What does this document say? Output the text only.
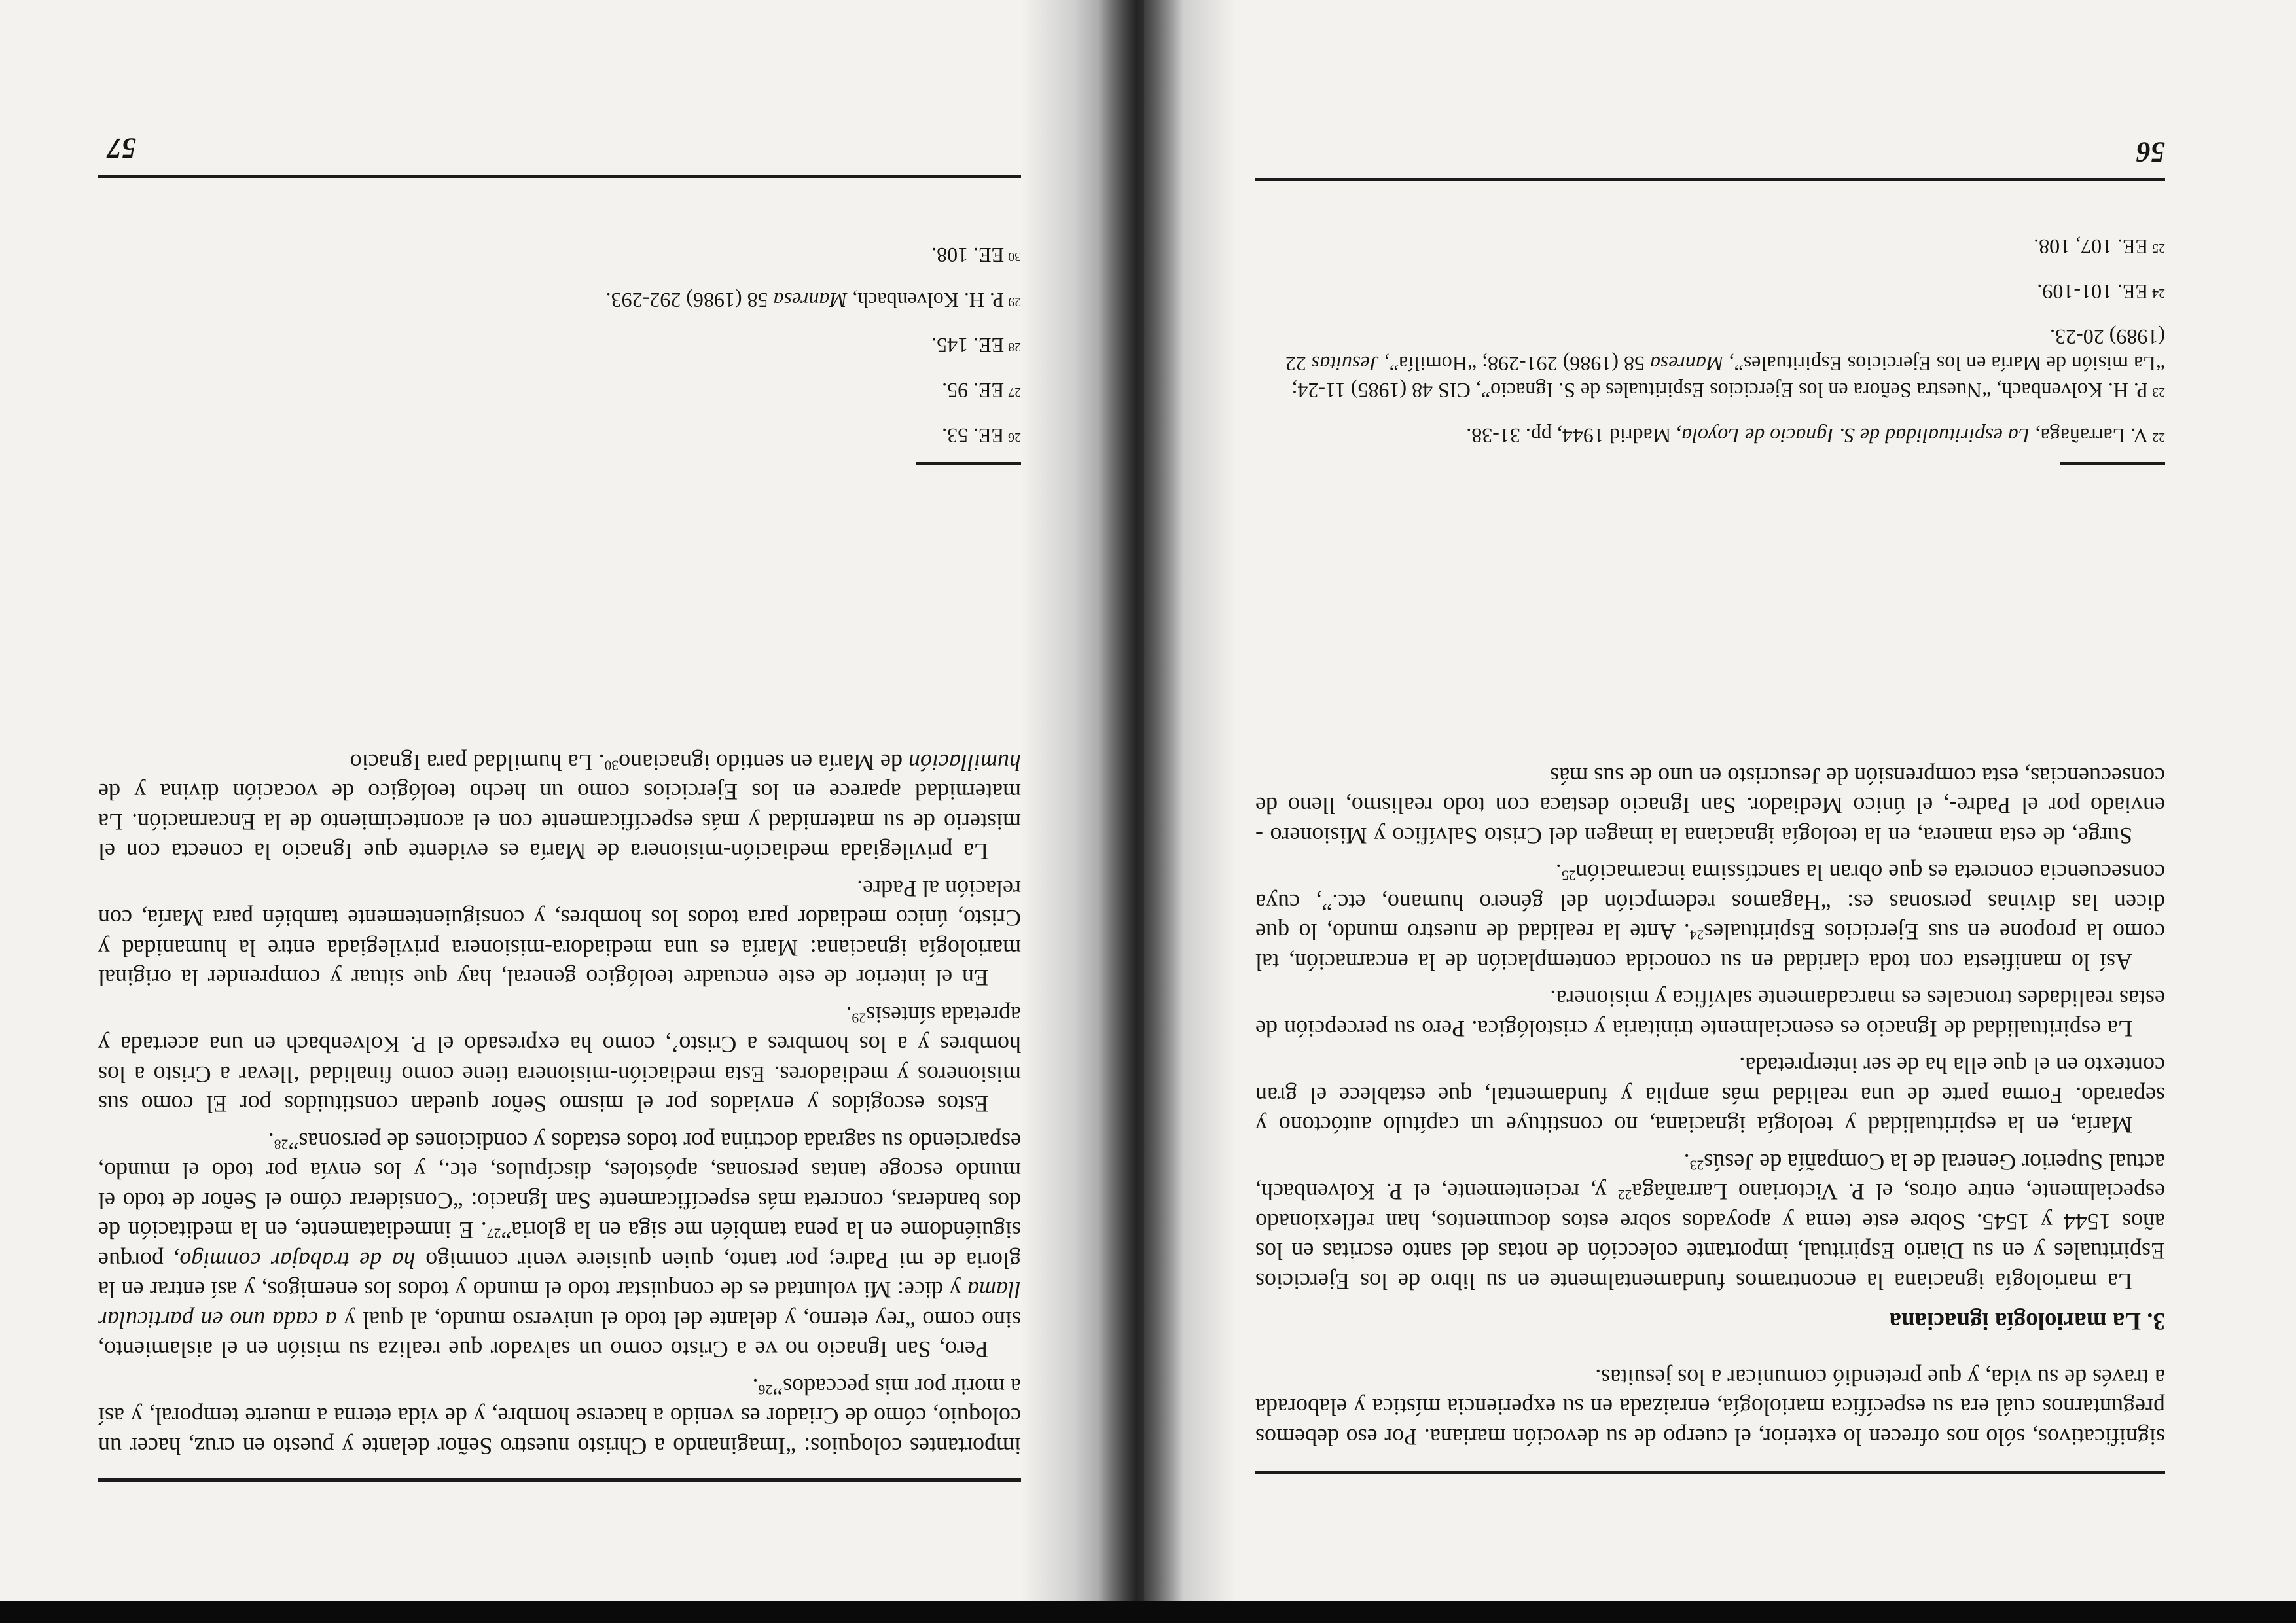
significativos, sólo nos ofrecen lo exterior, el cuerpo de su devoción mariana. Por eso debemos preguntarnos cuál era su específica mariología, enraizada en su experiencia mística y elaborada a través de su vida, y que pretendió comunicar a los jesuitas.

3. La mariología ignaciana

La mariología ignaciana la encontramos fundamentalmente en su libro de los Ejercicios Espirituales y en su Diario Espiritual, importante colección de notas del santo escritas en los años 1544 y 1545. Sobre este tema y apoyados sobre estos documentos, han reflexionado especialmente, entre otros, el P. Victoriano Larrañaga$^{22}$ y, recientemente, el P. Kolvenbach, actual Superior General de la Compañía de Jesús$^{23}$.

María, en la espiritualidad y teología ignaciana, no constituye un capítulo autóctono y separado. Forma parte de una realidad más amplia y fundamental, que establece el gran contexto en el que ella ha de ser interpretada.

La espiritualidad de Ignacio es esencialmente trinitaria y cristológica. Pero su percepción de estas realidades troncales es marcadamente salvífica y misionera.

Así lo manifiesta con toda claridad en su conocida contemplación de la encarnación, tal como la propone en sus Ejercicios Espirituales$^{24}$. Ante la realidad de nuestro mundo, lo que dicen las divinas personas es: “Hagamos redempción del género humano, etc.”, cuya consecuencia concreta es que obran la sanctíssima incarnación$^{25}$.

Surge, de esta manera, en la teología ignaciana la imagen del Cristo Salvífico y Misionero -enviado por el Padre-, el único Mediador. San Ignacio destaca con todo realismo, lleno de consecuencias, esta comprensión de Jesucristo en uno de sus más

$^{22}$V. Larrañaga, La espiritualidad de S. Ignacio de Loyola, Madrid 1944, pp. 31-38.

$^{23}$P. H. Kolvenbach, “Nuestra Señora en los Ejercicios Espirituales de S. Ignacio”, CIS 48 (1985) 11-24; “La misión de María en los Ejercicios Espirituales”, Manresa 58 (1986) 291-298; “Homilía”, Jesuitas 22 (1989) 20-23.

$^{24}$EE. 101-109.

$^{25}$EE. 107, 108.

56

importantes coloquios: “Imaginando a Christo nuestro Señor delante y puesto en cruz, hacer un coloquio, cómo de Criador es venido a hacerse hombre, y de vida eterna a muerte temporal, y así a morir por mis peccados”$^{26}$.

Pero, San Ignacio no ve a Cristo como un salvador que realiza su misión en el aislamiento, sino como “rey eterno, y delante del todo el universo mundo, al qual y a cada uno en particular llama y dice: Mi voluntad es de conquistar todo el mundo y todos los enemigos, y así entrar en la gloria de mi Padre; por tanto, quien quisiere venir conmigo ha de trabajar conmigo, porque siguiéndome en la pena también me siga en la gloria”$^{27}$. E inmediatamente, en la meditación de dos banderas, concreta más específicamente San Ignacio: “Considerar cómo el Señor de todo el mundo escoge tantas personas, apóstoles, discípulos, etc., y los envía por todo el mundo, esparciendo su sagrada doctrina por todos estados y condiciones de personas”$^{28}$.

Estos escogidos y enviados por el mismo Señor quedan constituidos por El como sus misioneros y mediadores. Esta mediación-misionera tiene como finalidad ‘llevar a Cristo a los hombres y a los hombres a Cristo’, como ha expresado el P. Kolvenbach en una acertada y apretada síntesis$^{29}$.

En el interior de este encuadre teológico general, hay que situar y comprender la original mariología ignaciana: María es una mediadora-misionera privilegiada entre la humanidad y Cristo, único mediador para todos los hombres, y consiguientemente también para María, con relación al Padre.

La privilegiada mediación-misionera de María es evidente que Ignacio la conecta con el misterio de su maternidad y más específicamente con el acontecimiento de la Encarnación. La maternidad aparece en los Ejercicios como un hecho teológico de vocación divina y de humillación de María en sentido ignaciano$^{30}$. La humildad para Ignacio

$^{26}$EE. 53.

$^{27}$EE. 95.

$^{28}$EE. 145.

$^{29}$P. H. Kolvenbach, Manresa 58 (1986) 292-293.

$^{30}$EE. 108.

57
